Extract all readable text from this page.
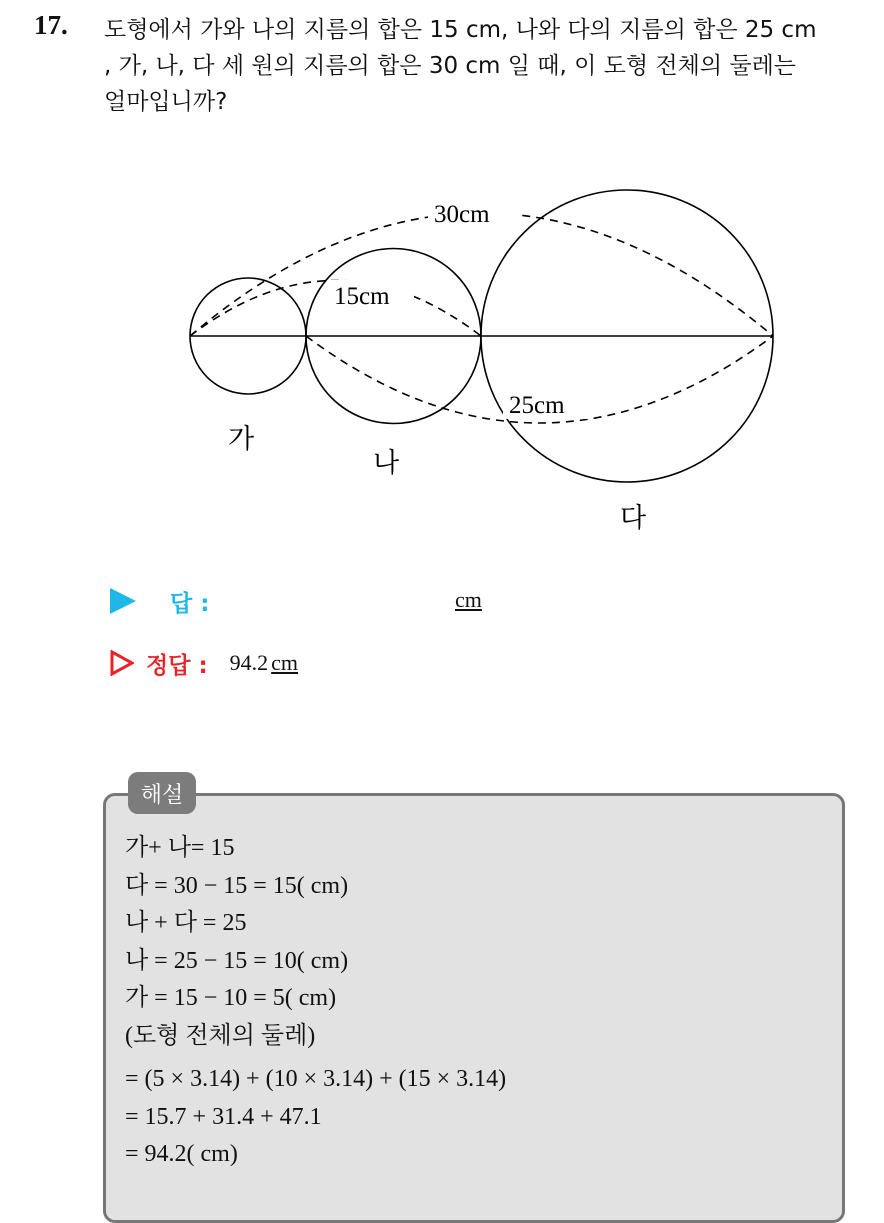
17. 도형에서 가와 나의 지름의 합은 15 cm, 나와 다의 지름의 합은 25 cm
, 가, 나, 다 세 원의 지름의 합은 30 cm 일 때, 이 도형 전체의 둘레는
얼마입니까?
30cm
15cm
25cm
가
나
다
답 :	cm
정답 : 94.2 cm
해설
가+ 나= 15
다 = 30 − 15 = 15( cm)
나 + 다 = 25
나 = 25 − 15 = 10( cm)
가 = 15 − 10 = 5( cm)
(도형 전체의 둘레)
= (5 × 3.14) + (10 × 3.14) + (15 × 3.14)
= 15.7 + 31.4 + 47.1
= 94.2( cm)
